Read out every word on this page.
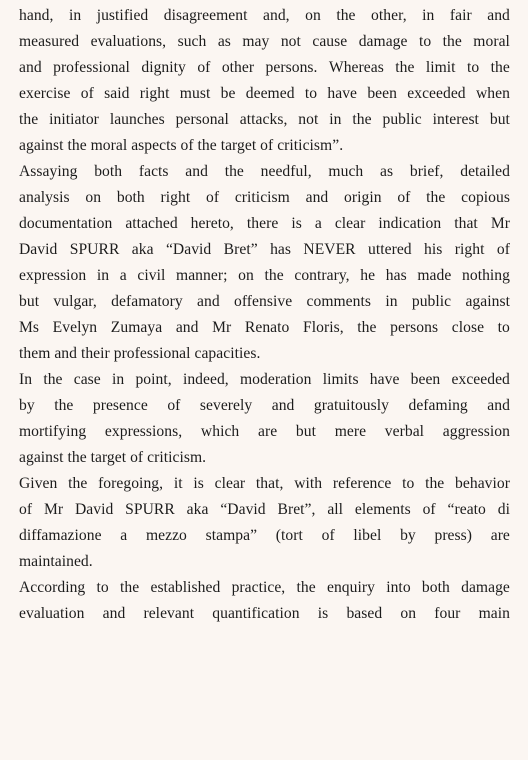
hand, in justified disagreement and, on the other, in fair and
measured evaluations, such as may not cause damage to the moral
and professional dignity of other persons. Whereas the limit to the
exercise of said right must be deemed to have been exceeded when
the initiator launches personal attacks, not in the public interest but
against the moral aspects of the target of criticism”.

Assaying both facts and the needful, much as brief, detailed
analysis on both right of criticism and origin of the copious
documentation attached hereto, there is a clear indication that Mr
David SPURR aka “David Bret” has NEVER uttered his right of
expression in a civil manner; on the contrary, he has made nothing
but vulgar, defamatory and offensive comments in public against
Ms Evelyn Zumaya and Mr Renato Floris, the persons close to
them and their professional capacities.

In the case in point, indeed, moderation limits have been exceeded
by the presence of severely and gratuitously defaming and
mortifying expressions, which are but mere verbal aggression
against the target of criticism.

Given the foregoing, it is clear that, with reference to the behavior
of Mr David SPURR aka “David Bret”, all elements of “reato di
diffamazione a mezzo stampa” (tort of libel by press) are
maintained.

According to the established practice, the enquiry into both damage
evaluation and relevant quantification is based on four main
